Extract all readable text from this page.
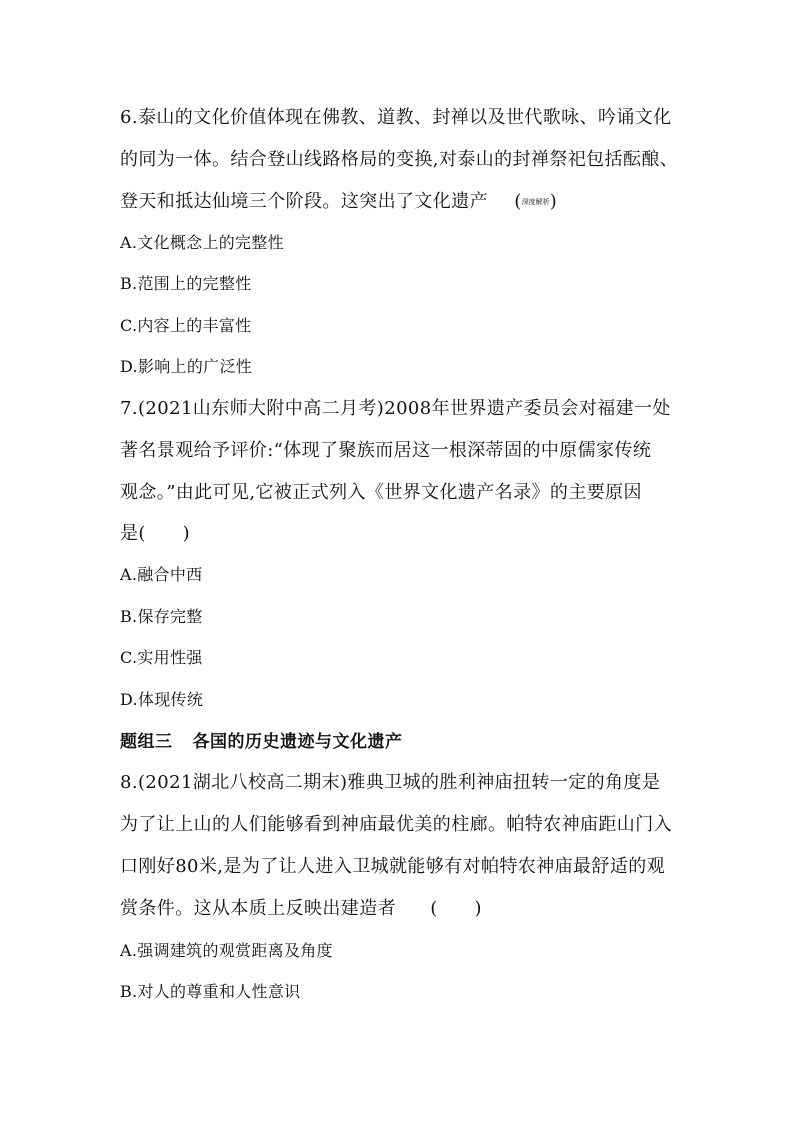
6.泰山的文化价值体现在佛教、道教、封禅以及世代歌咏、吟诵文化
的同为一体。结合登山线路格局的变换,对泰山的封禅祭祀包括酝酿、
登天和抵达仙境三个阶段。这突出了文化遗产 (深度解析)
A.文化概念上的完整性
B.范围上的完整性
C.内容上的丰富性
D.影响上的广泛性
7.(2021山东师大附中高二月考)2008年世界遗产委员会对福建一处
著名景观给予评价:“体现了聚族而居这一根深蒂固的中原儒家传统
观念。”由此可见,它被正式列入《世界文化遗产名录》的主要原因
是(　　)
A.融合中西
B.保存完整
C.实用性强
D.体现传统
题组三 各国的历史遗迹与文化遗产
8.(2021湖北八校高二期末)雅典卫城的胜利神庙扭转一定的角度是
为了让上山的人们能够看到神庙最优美的柱廊。帕特农神庙距山门入
口刚好80米,是为了让人进入卫城就能够有对帕特农神庙最舒适的观
赏条件。这从本质上反映出建造者 (　　)
A.强调建筑的观赏距离及角度
B.对人的尊重和人性意识
